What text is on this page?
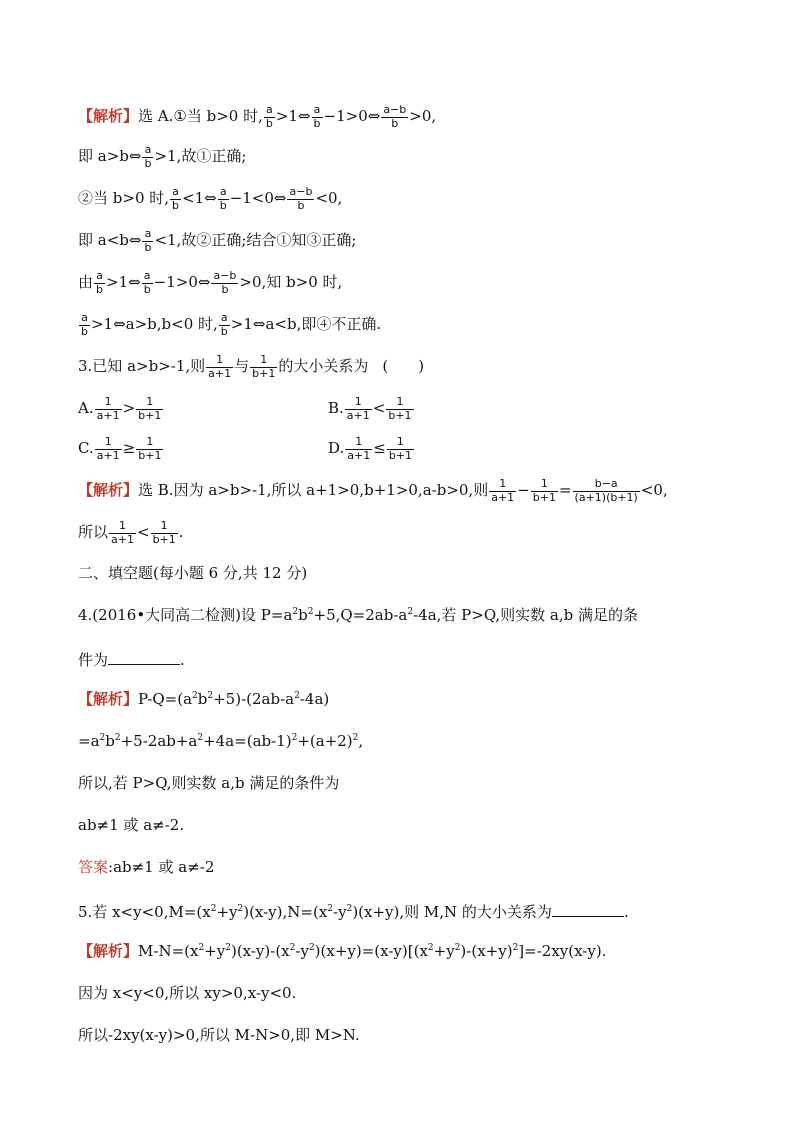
【解析】选 A.①当 b>0 时, $\frac{a}{b}$ >1⇔ $\frac{a}{b}$ −1>0⇔ $\frac{a-b}{b} >0$,
即 a>b⇔ $\frac{a}{b} >1$,故①正确;
②当 b>0 时, $\frac{a}{b}$ <1⇔ $\frac{a}{b}$ −1<0⇔ $\frac{a-b}{b} <0$,
即 a<b⇔ $\frac{a}{b} <1$,故②正确;结合①知③正确;
由 $\frac{a}{b}$ >1⇔ $\frac{a}{b}$ −1>0⇔ $\frac{a-b}{b} >0$,知 b>0 时,
$\frac{a}{b}$ >1⇔a>b,b<0 时, $\frac{a}{b}$ >1⇔a<b,即④不正确.
3.已知 a>b>-1,则 $\frac{1}{a+1}$ 与 $\frac{1}{b+1}$ 的大小关系为 (　　)
A. $\frac{1}{a+1} > \frac{1}{b+1}$	B. $\frac{1}{a+1} < \frac{1}{b+1}$
C. $\frac{1}{a+1} \ge \frac{1}{b+1}$	D. $\frac{1}{a+1} \le \frac{1}{b+1}$
【解析】选 B.因为 a>b>-1,所以 a+1>0,b+1>0,a-b>0,则 $\frac{1}{a+1} - \frac{1}{b+1} = \frac{b-a}{(a+1)(b+1)} <0$,
所以 $\frac{1}{a+1} < \frac{1}{b+1}$ .
二、填空题(每小题 6 分,共 12 分)
4.(2016•大同高二检测)设 $P=a^2b^2+5,Q=2ab-a^2-4a$,若 P>Q,则实数 a,b 满足的条
件为	.
【解析】$P-Q=(a^2b^2+5)-(2ab-a^2-4a)$
$=a^2b^2+5-2ab+a^2+4a=(ab-1)^2+(a+2)^2$,
所以,若 P>Q,则实数 a,b 满足的条件为
ab≠1 或 a≠-2.
答案:ab≠1 或 a≠-2
5.若 $x<y<0,M=(x^2+y^2)(x-y),N=(x^2-y^2)(x+y)$,则 M,N 的大小关系为	.
【解析】$M-N=(x^2+y^2)(x-y)-(x^2-y^2)(x+y)=(x-y)[(x^2+y^2)-(x+y)^2]=-2xy(x-y)$.
因为 x<y<0,所以 xy>0,x-y<0.
所以-2xy(x-y)>0,所以 M-N>0,即 M>N.
